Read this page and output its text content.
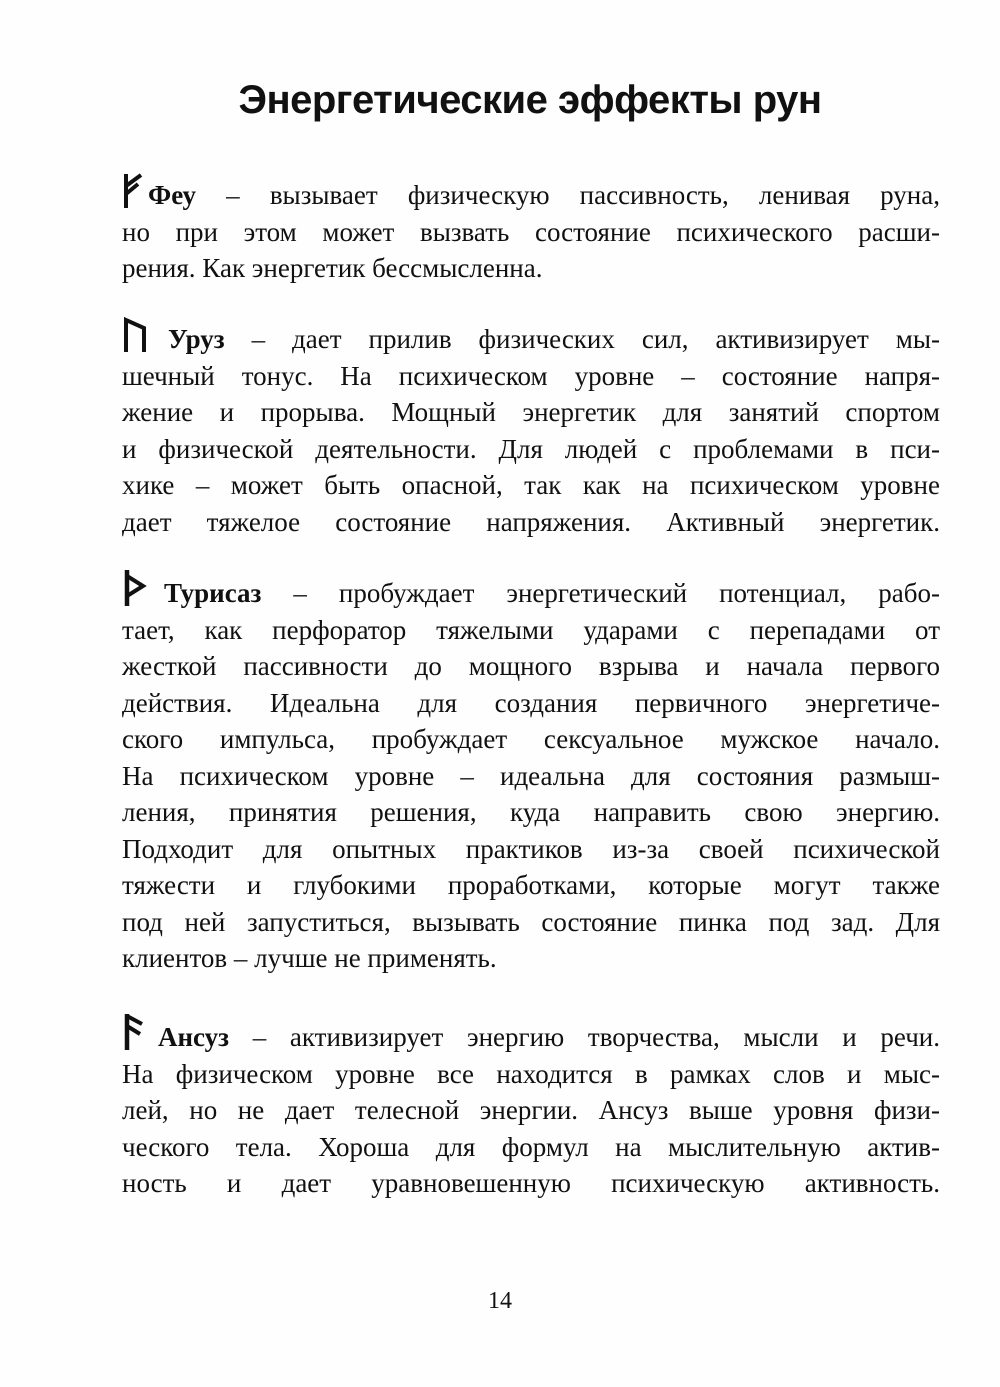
Энергетические эффекты рун
Феу – вызывает физическую пассивность, ленивая руна,
но при этом может вызвать состояние психического расши-
рения. Как энергетик бессмысленна.
Уруз – дает прилив физических сил, активизирует мы-
шечный тонус. На психическом уровне – состояние напря-
жение и прорыва. Мощный энергетик для занятий спортом
и физической деятельности. Для людей с проблемами в пси-
хике – может быть опасной, так как на психическом уровне
дает тяжелое состояние напряжения. Активный энергетик.
Турисаз – пробуждает энергетический потенциал, рабо-
тает, как перфоратор тяжелыми ударами с перепадами от
жесткой пассивности до мощного взрыва и начала первого
действия. Идеальна для создания первичного энергетиче-
ского импульса, пробуждает сексуальное мужское начало.
На психическом уровне – идеальна для состояния размыш-
ления, принятия решения, куда направить свою энергию.
Подходит для опытных практиков из-за своей психической
тяжести и глубокими проработками, которые могут также
под ней запуститься, вызывать состояние пинка под зад. Для
клиентов – лучше не применять.
Ансуз – активизирует энергию творчества, мысли и речи.
На физическом уровне все находится в рамках слов и мыс-
лей, но не дает телесной энергии. Ансуз выше уровня физи-
ческого тела. Хороша для формул на мыслительную актив-
ность и дает уравновешенную психическую активность.
14
